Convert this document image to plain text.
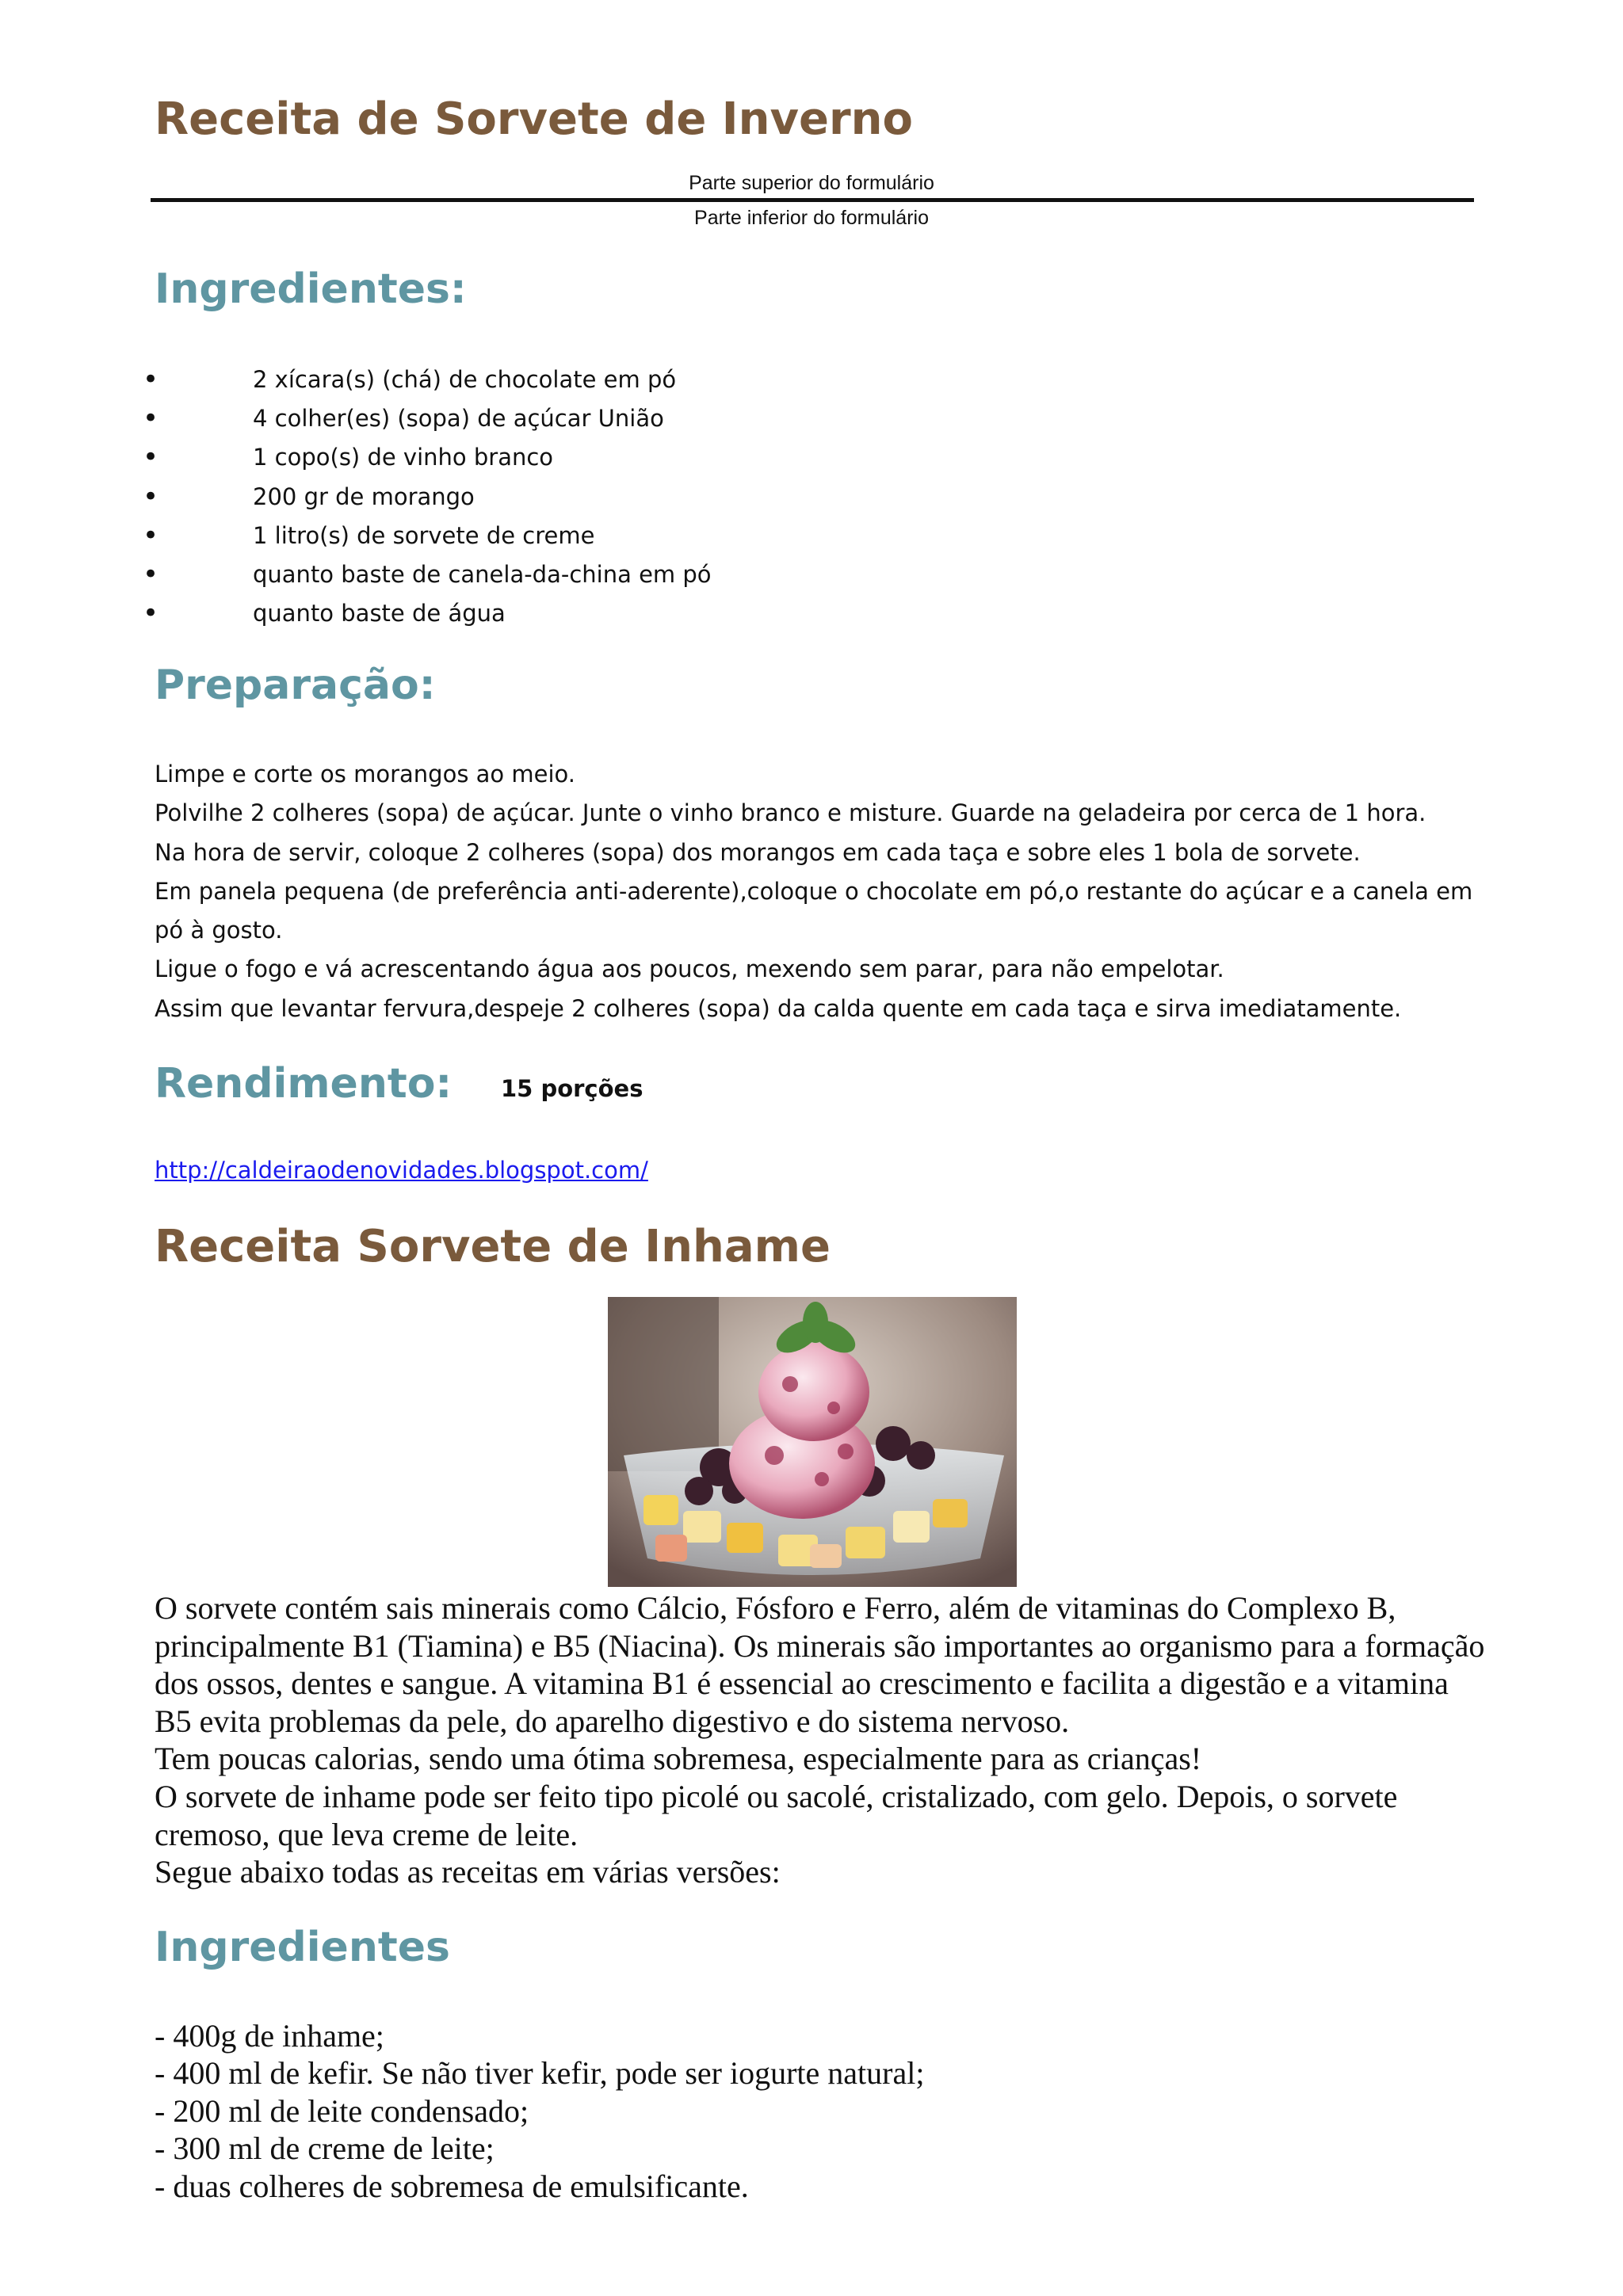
Receita de Sorvete de Inverno
Parte superior do formulário
Parte inferior do formulário
Ingredientes:
•	2 xícara(s) (chá) de chocolate em pó
•	4 colher(es) (sopa) de açúcar União
•	1 copo(s) de vinho branco
•	200 gr de morango
•	1 litro(s) de sorvete de creme
•	quanto baste de canela-da-china em pó
•	quanto baste de água
Preparação:

Limpe e corte os morangos ao meio.

Polvilhe 2 colheres (sopa) de açúcar. Junte o vinho branco e misture. Guarde na geladeira por cerca de 1 hora.

Na hora de servir, coloque 2 colheres (sopa) dos morangos em cada taça e sobre eles 1 bola de sorvete.

Em panela pequena (de preferência anti-aderente),coloque o chocolate em pó,o restante do açúcar e a canela em pó à gosto.

Ligue o fogo e vá acrescentando água aos poucos, mexendo sem parar, para não empelotar.

Assim que levantar fervura,despeje 2 colheres (sopa) da calda quente em cada taça e sirva imediatamente.

Rendimento: 15 porções
http://caldeiraodenovidades.blogspot.com/
Receita Sorvete de Inhame

O sorvete contém sais minerais como Cálcio, Fósforo e Ferro, além de vitaminas do Complexo B, principalmente B1 (Tiamina) e B5 (Niacina). Os minerais são importantes ao organismo para a formação dos ossos, dentes e sangue. A vitamina B1 é essencial ao crescimento e facilita a digestão e a vitamina B5 evita problemas da pele, do aparelho digestivo e do sistema nervoso.

Tem poucas calorias, sendo uma ótima sobremesa, especialmente para as crianças!

O sorvete de inhame pode ser feito tipo picolé ou sacolé, cristalizado, com gelo. Depois, o sorvete cremoso, que leva creme de leite.

Segue abaixo todas as receitas em várias versões:

Ingredientes
- 400g de inhame;
- 400 ml de kefir. Se não tiver kefir, pode ser iogurte natural;
- 200 ml de leite condensado;
- 300 ml de creme de leite;
- duas colheres de sobremesa de emulsificante.
